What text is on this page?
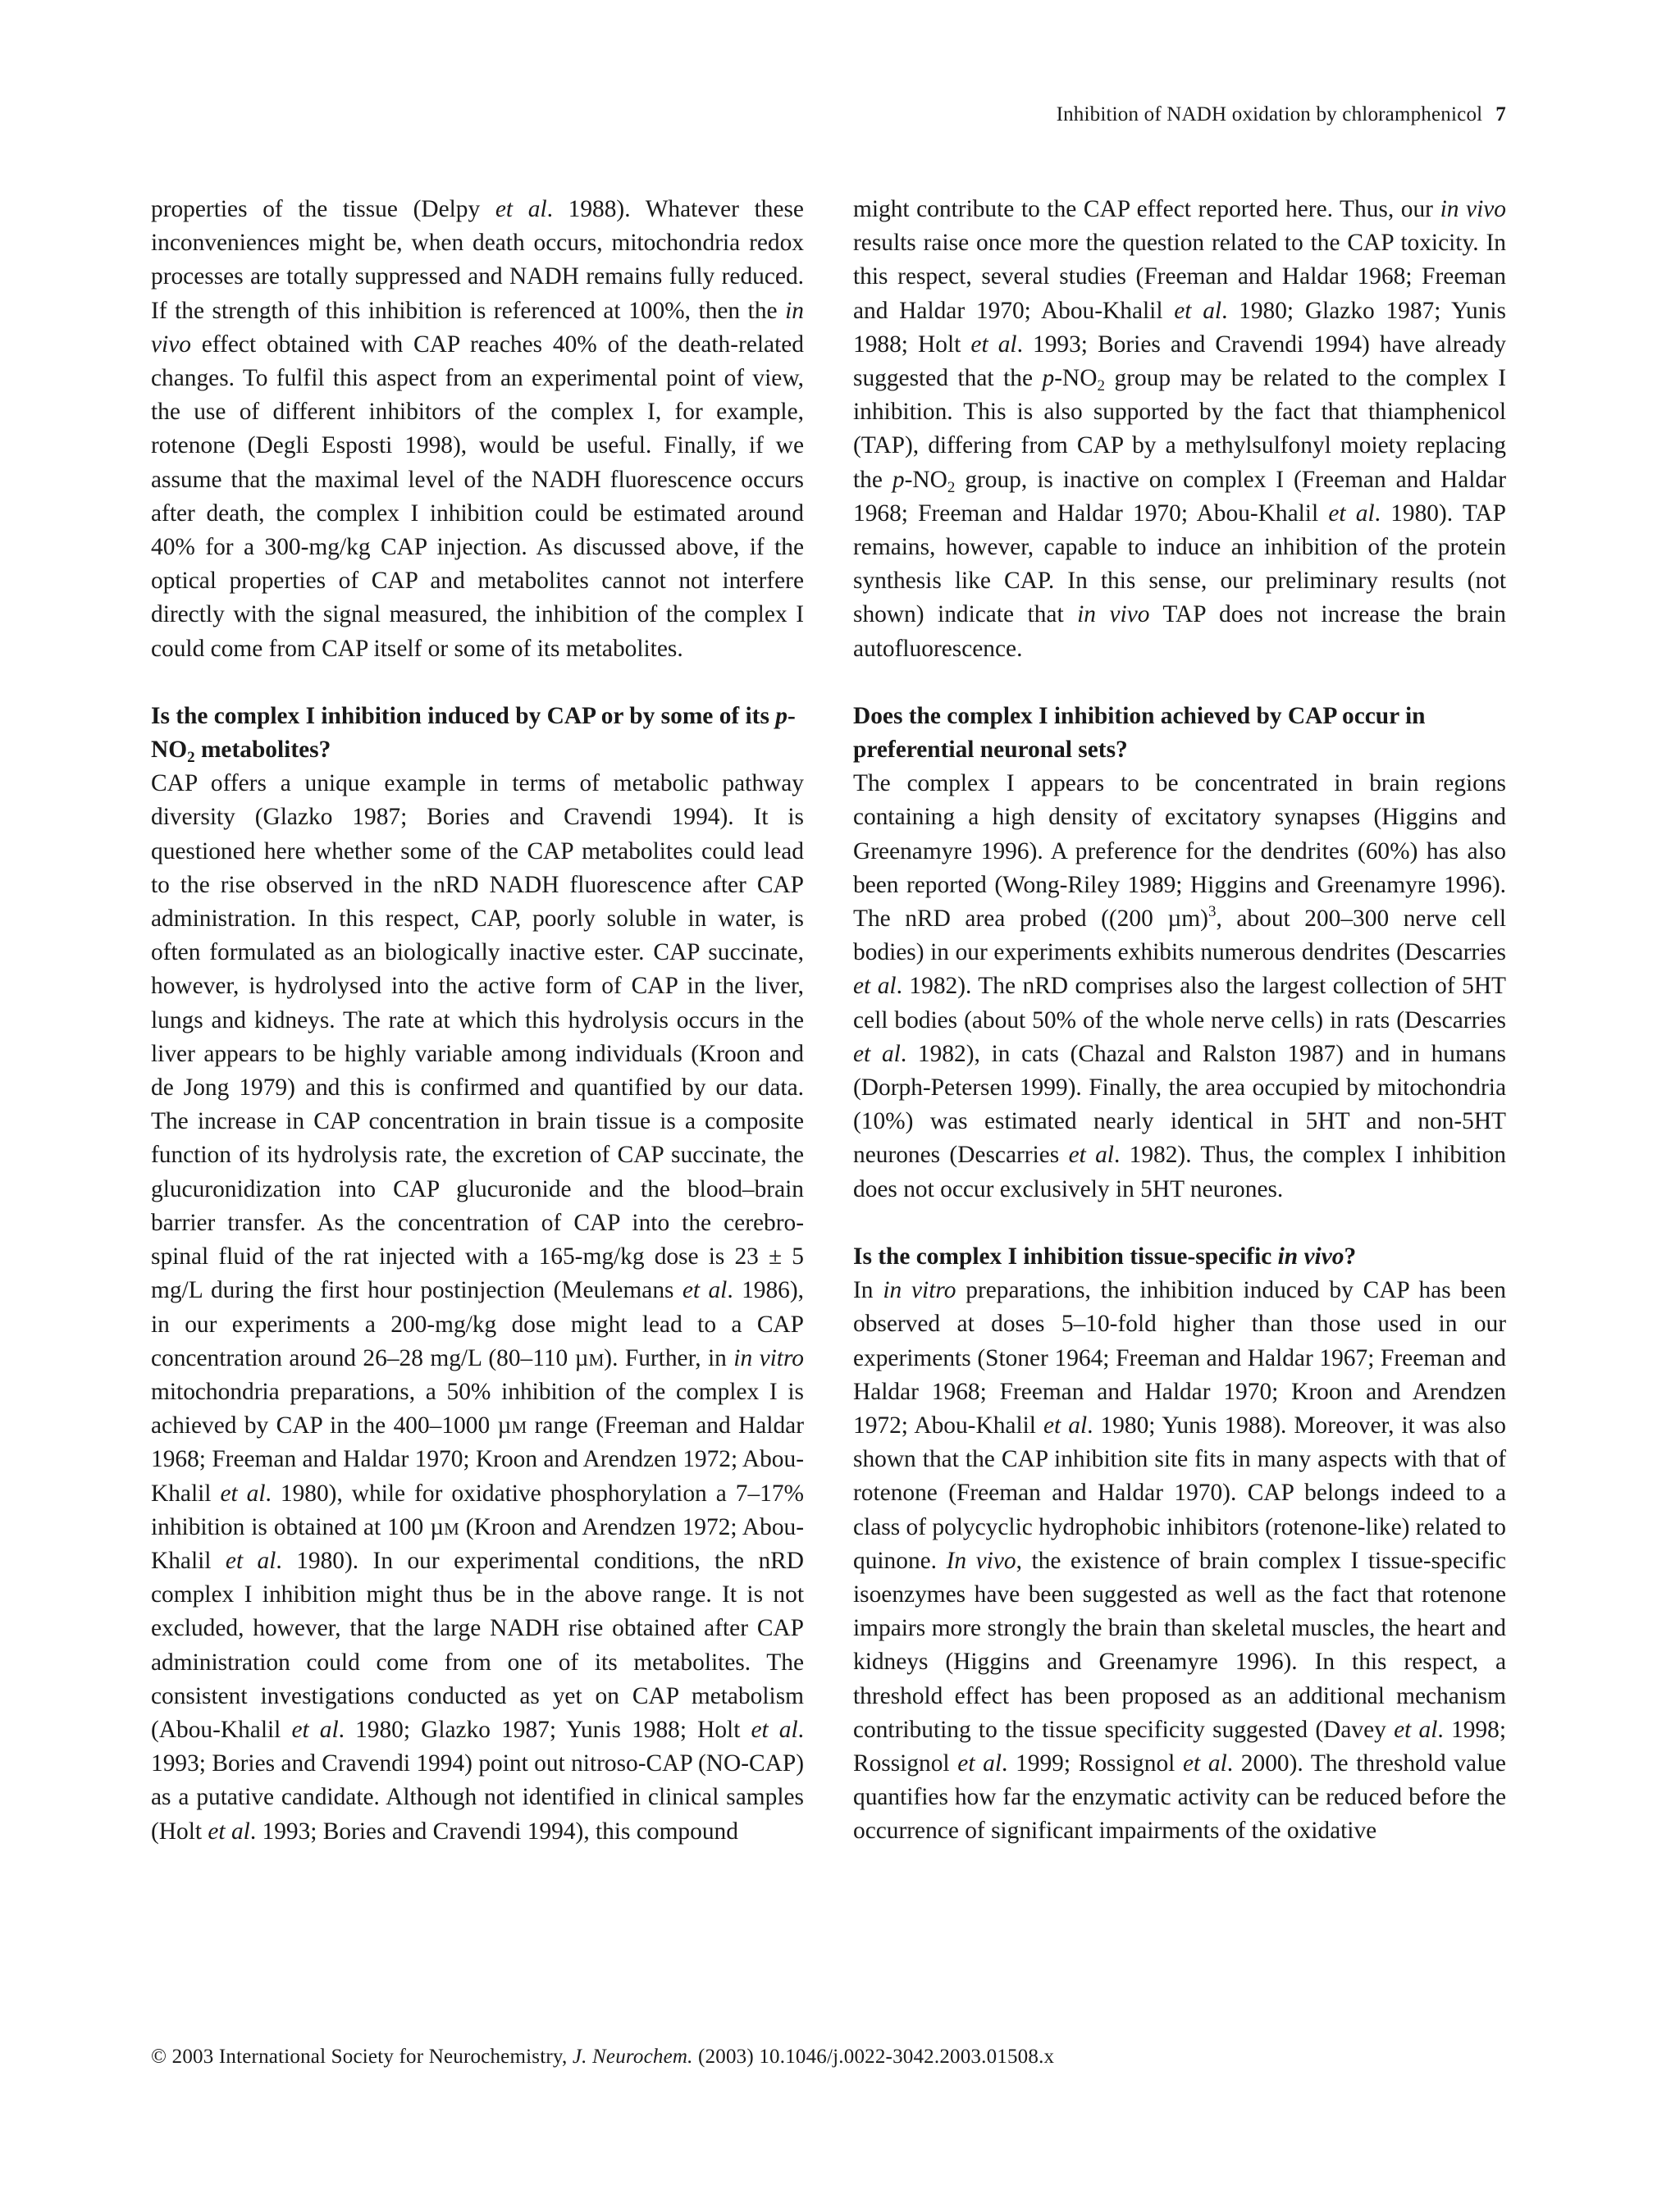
Inhibition of NADH oxidation by chloramphenicol 7

properties of the tissue (Delpy et al. 1988). Whatever these inconveniences might be, when death occurs, mitochondria redox processes are totally suppressed and NADH remains fully reduced. If the strength of this inhibition is referenced at 100%, then the in vivo effect obtained with CAP reaches 40% of the death-related changes. To fulfil this aspect from an experimental point of view, the use of different inhibitors of the complex I, for example, rotenone (Degli Esposti 1998), would be useful. Finally, if we assume that the maximal level of the NADH fluorescence occurs after death, the complex I inhibition could be estimated around 40% for a 300-mg/kg CAP injection. As discussed above, if the optical properties of CAP and metabolites cannot not interfere directly with the signal measured, the inhibition of the complex I could come from CAP itself or some of its metabolites.

Is the complex I inhibition induced by CAP or by some of its $p-NO_2$ metabolites?

CAP offers a unique example in terms of metabolic pathway diversity (Glazko 1987; Bories and Cravendi 1994). It is questioned here whether some of the CAP metabolites could lead to the rise observed in the nRD NADH fluorescence after CAP administration. In this respect, CAP, poorly soluble in water, is often formulated as an biologically inactive ester. CAP succinate, however, is hydrolysed into the active form of CAP in the liver, lungs and kidneys. The rate at which this hydrolysis occurs in the liver appears to be highly variable among individuals (Kroon and de Jong 1979) and this is confirmed and quantified by our data. The increase in CAP concentration in brain tissue is a composite function of its hydrolysis rate, the excretion of CAP succinate, the glucuronidization into CAP glucuronide and the blood–brain barrier transfer. As the concentration of CAP into the cerebro-spinal fluid of the rat injected with a 165-mg/kg dose is 23 ± 5 mg/L during the first hour postinjection (Meulemans et al. 1986), in our experiments a 200-mg/kg dose might lead to a CAP concentration around 26–28 mg/L (80–110 µm). Further, in in vitro mitochondria preparations, a 50% inhibition of the complex I is achieved by CAP in the 400–1000 µm range (Freeman and Haldar 1968; Freeman and Haldar 1970; Kroon and Arendzen 1972; Abou-Khalil et al. 1980), while for oxidative phosphorylation a 7–17% inhibition is obtained at 100 µm (Kroon and Arendzen 1972; Abou-Khalil et al. 1980). In our experimental conditions, the nRD complex I inhibition might thus be in the above range. It is not excluded, however, that the large NADH rise obtained after CAP administration could come from one of its metabolites. The consistent investigations conducted as yet on CAP metabolism (Abou-Khalil et al. 1980; Glazko 1987; Yunis 1988; Holt et al. 1993; Bories and Cravendi 1994) point out nitroso-CAP (NO-CAP) as a putative candidate. Although not identified in clinical samples (Holt et al. 1993; Bories and Cravendi 1994), this compound

might contribute to the CAP effect reported here. Thus, our in vivo results raise once more the question related to the CAP toxicity. In this respect, several studies (Freeman and Haldar 1968; Freeman and Haldar 1970; Abou-Khalil et al. 1980; Glazko 1987; Yunis 1988; Holt et al. 1993; Bories and Cravendi 1994) have already suggested that the $p-NO_2$ group may be related to the complex I inhibition. This is also supported by the fact that thiamphenicol (TAP), differing from CAP by a methylsulfonyl moiety replacing the $p-NO_2$ group, is inactive on complex I (Freeman and Haldar 1968; Freeman and Haldar 1970; Abou-Khalil et al. 1980). TAP remains, however, capable to induce an inhibition of the protein synthesis like CAP. In this sense, our preliminary results (not shown) indicate that in vivo TAP does not increase the brain autofluorescence.

Does the complex I inhibition achieved by CAP occur in preferential neuronal sets?

The complex I appears to be concentrated in brain regions containing a high density of excitatory synapses (Higgins and Greenamyre 1996). A preference for the dendrites (60%) has also been reported (Wong-Riley 1989; Higgins and Greenamyre 1996). The nRD area probed ((200 µm)$^3$, about 200–300 nerve cell bodies) in our experiments exhibits numerous dendrites (Descarries et al. 1982). The nRD comprises also the largest collection of 5HT cell bodies (about 50% of the whole nerve cells) in rats (Descarries et al. 1982), in cats (Chazal and Ralston 1987) and in humans (Dorph-Petersen 1999). Finally, the area occupied by mitochondria (10%) was estimated nearly identical in 5HT and non-5HT neurones (Descarries et al. 1982). Thus, the complex I inhibition does not occur exclusively in 5HT neurones.

Is the complex I inhibition tissue-specific in vivo?

In in vitro preparations, the inhibition induced by CAP has been observed at doses 5–10-fold higher than those used in our experiments (Stoner 1964; Freeman and Haldar 1967; Freeman and Haldar 1968; Freeman and Haldar 1970; Kroon and Arendzen 1972; Abou-Khalil et al. 1980; Yunis 1988). Moreover, it was also shown that the CAP inhibition site fits in many aspects with that of rotenone (Freeman and Haldar 1970). CAP belongs indeed to a class of polycyclic hydrophobic inhibitors (rotenone-like) related to quinone. In vivo, the existence of brain complex I tissue-specific isoenzymes have been suggested as well as the fact that rotenone impairs more strongly the brain than skeletal muscles, the heart and kidneys (Higgins and Greenamyre 1996). In this respect, a threshold effect has been proposed as an additional mechanism contributing to the tissue specificity suggested (Davey et al. 1998; Rossignol et al. 1999; Rossignol et al. 2000). The threshold value quantifies how far the enzymatic activity can be reduced before the occurrence of significant impairments of the oxidative

© 2003 International Society for Neurochemistry, J. Neurochem. (2003) 10.1046/j.0022-3042.2003.01508.x
